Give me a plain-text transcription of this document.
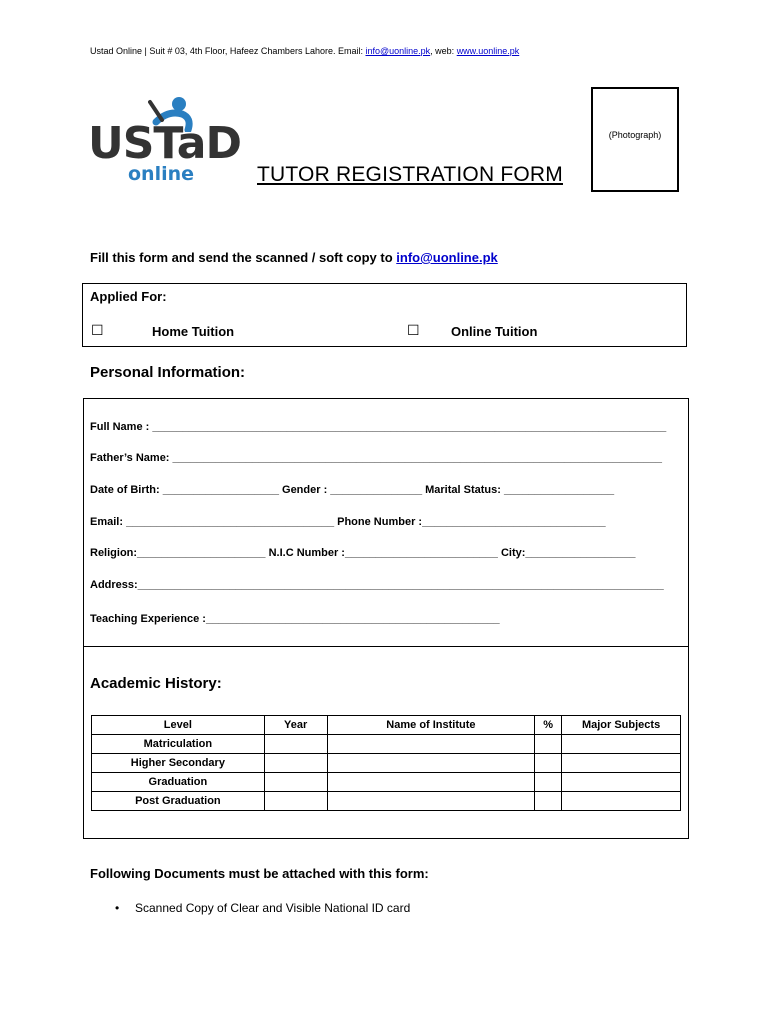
Ustad Online | Suit # 03, 4th Floor, Hafeez Chambers Lahore. Email: info@uonline.pk, web: www.uonline.pk
USTaD
online	TUTOR REGISTRATION FORM
(Photograph)
Fill this form and send the scanned / soft copy to info@uonline.pk
Applied For:
☐	Home Tuition	☐ Online Tuition
Personal Information:
Full Name : ____________________________________________________________________________________
Father’s Name: ________________________________________________________________________________
Date of Birth: ___________________ Gender : _______________ Marital Status: __________________
Email: __________________________________ Phone Number :______________________________
Religion:_____________________ N.I.C Number :_________________________ City:__________________
Address:______________________________________________________________________________________
Teaching Experience :________________________________________________
Academic History:
Level	Year	Name of Institute	%	Major Subjects
Matriculation				
Higher Secondary				
Graduation				
Post Graduation				
Following Documents must be attached with this form:
• Scanned Copy of Clear and Visible National ID card
